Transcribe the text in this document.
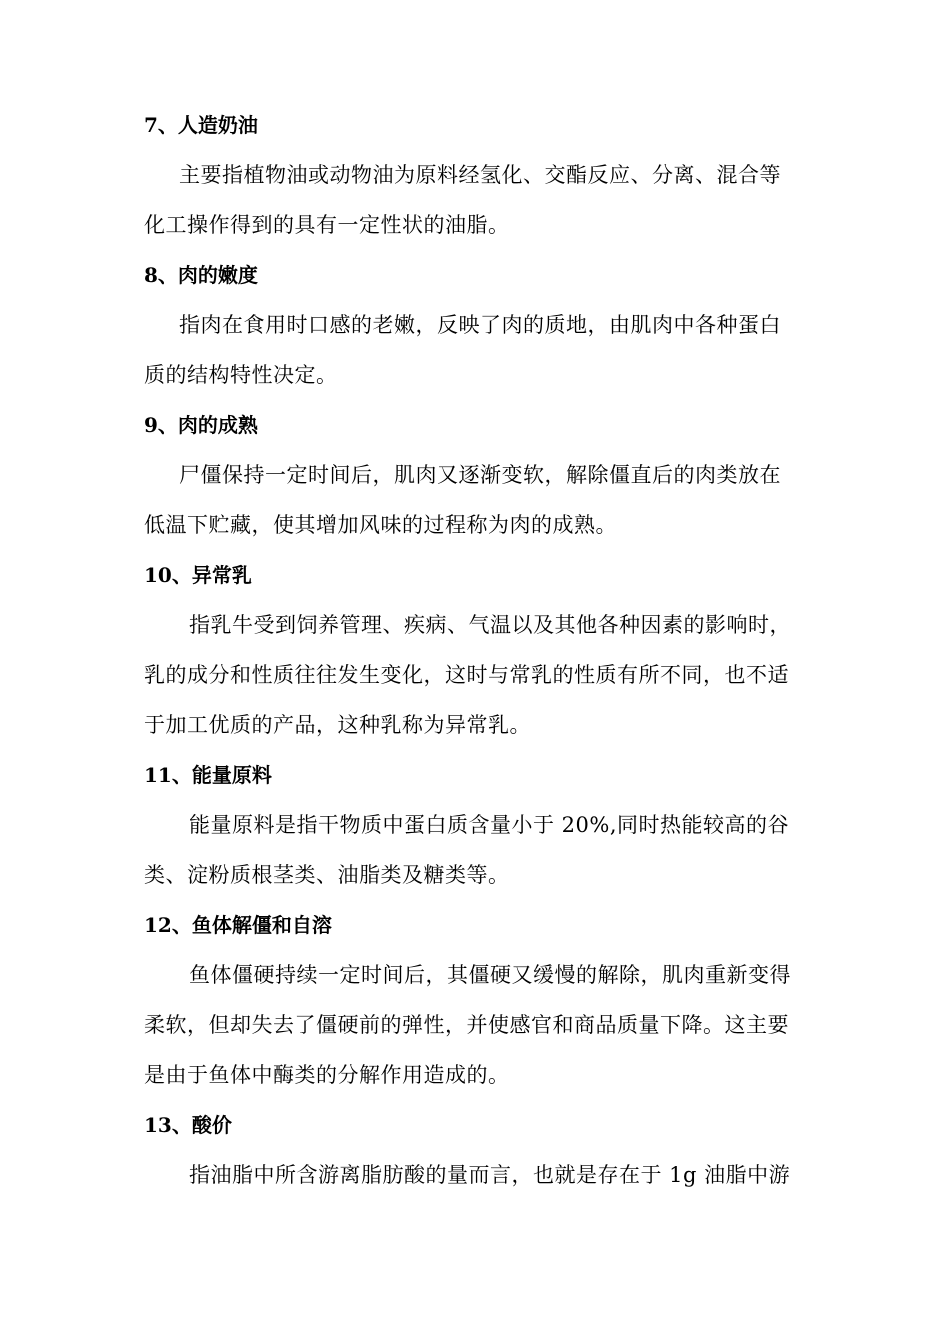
7、人造奶油

主要指植物油或动物油为原料经氢化、交酯反应、分离、混合等
化工操作得到的具有一定性状的油脂。

8、肉的嫩度

指肉在食用时口感的老嫩，反映了肉的质地，由肌肉中各种蛋白
质的结构特性决定。

9、肉的成熟

尸僵保持一定时间后，肌肉又逐渐变软，解除僵直后的肉类放在
低温下贮藏，使其增加风味的过程称为肉的成熟。

10、异常乳

指乳牛受到饲养管理、疾病、气温以及其他各种因素的影响时，
乳的成分和性质往往发生变化，这时与常乳的性质有所不同，也不适
于加工优质的产品，这种乳称为异常乳。

11、能量原料

能量原料是指干物质中蛋白质含量小于 20%,同时热能较高的谷
类、淀粉质根茎类、油脂类及糖类等。

12、鱼体解僵和自溶

鱼体僵硬持续一定时间后，其僵硬又缓慢的解除，肌肉重新变得
柔软，但却失去了僵硬前的弹性，并使感官和商品质量下降。这主要
是由于鱼体中酶类的分解作用造成的。

13、酸价

指油脂中所含游离脂肪酸的量而言，也就是存在于 1g 油脂中游
